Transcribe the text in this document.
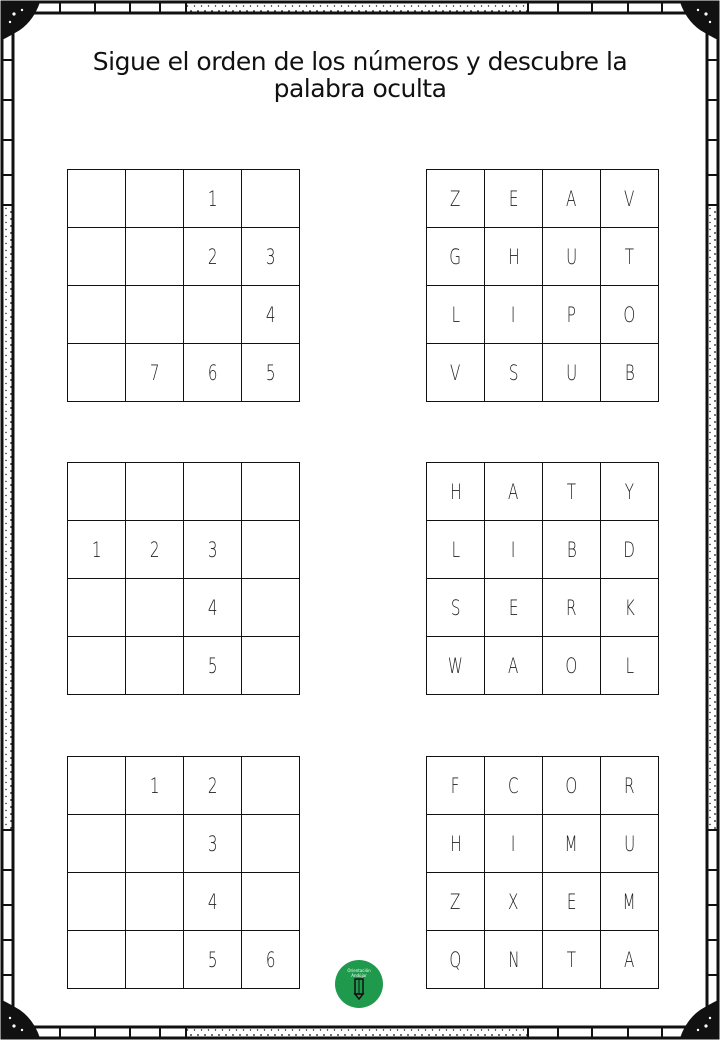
Sigue el orden de los números y descubre la
palabra oculta
		1	
		2	3
			4
	7	6	5
Z	E	A	V
G	H	U	T
L	I	P	O
V	S	U	B

1	2	3	
		4	
		5	
H	A	T	Y
L	I	B	D
S	E	R	K
W	A	O	L
	1	2	
		3	
		4	
		5	6
F	C	O	R
H	I	M	U
Z	X	E	M
Q	N	T	A
Orientación
Andújar
